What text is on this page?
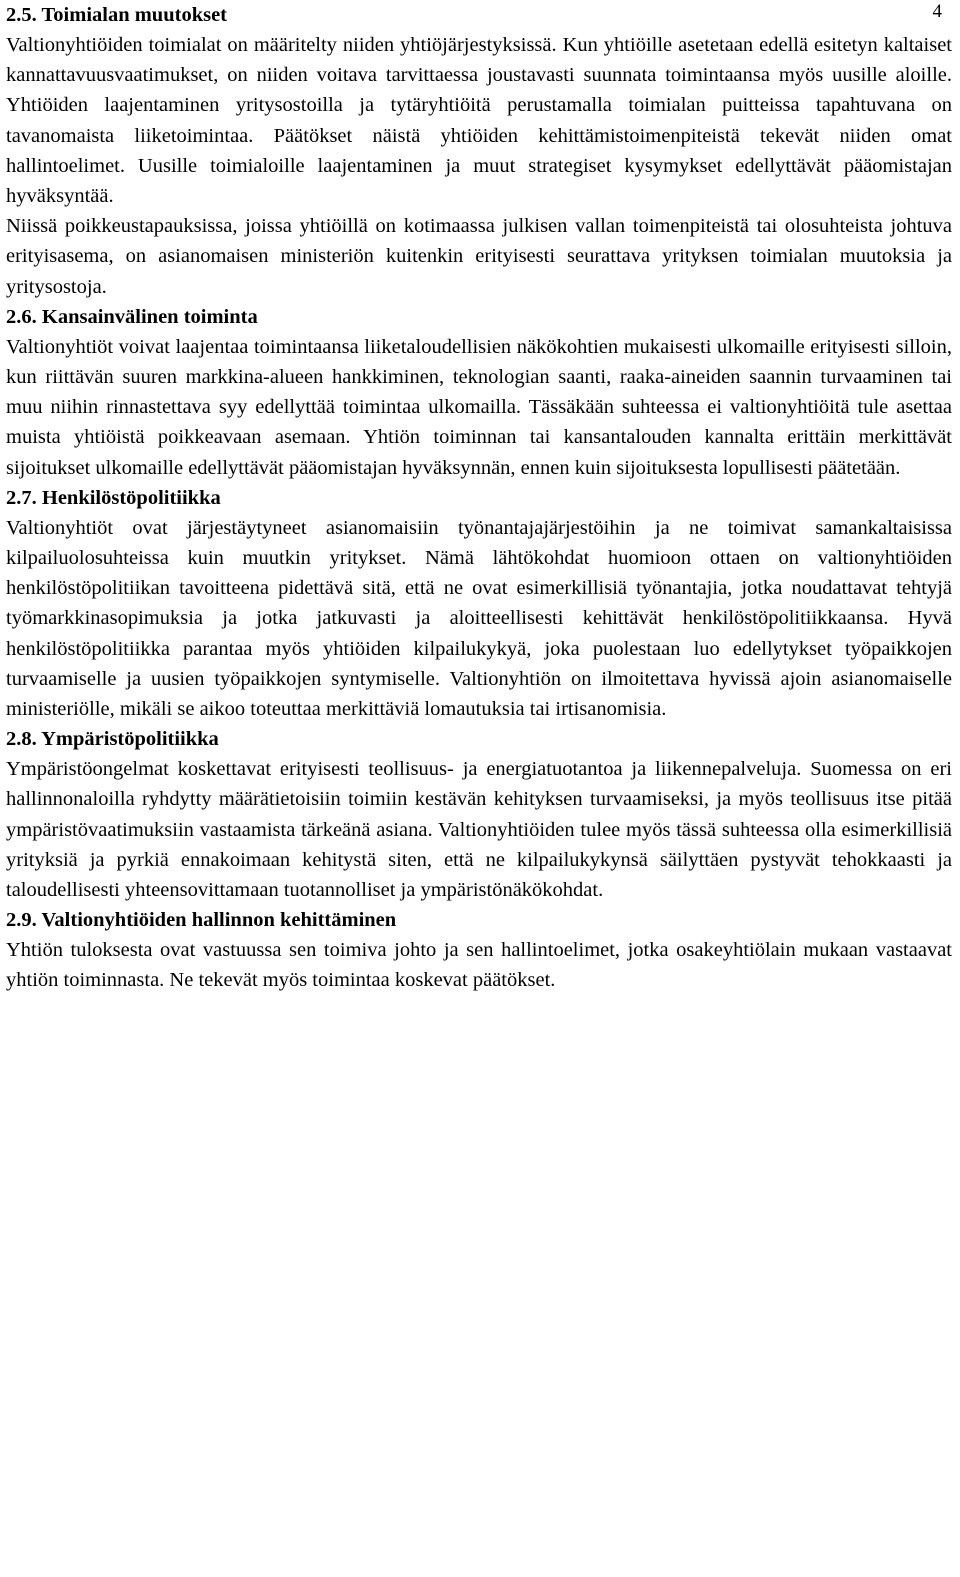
4
2.5. Toimialan muutokset

Valtionyhtiöiden toimialat on määritelty niiden yhtiöjärjestyksissä. Kun yhtiöille asetetaan edellä esitetyn kaltaiset kannattavuusvaatimukset, on niiden voitava tarvittaessa joustavasti suunnata toimintaansa myös uusille aloille. Yhtiöiden laajentaminen yritysostoilla ja tytäryhtiöitä perustamalla toimialan puitteissa tapahtuvana on tavanomaista liiketoimintaa. Päätökset näistä yhtiöiden kehittämistoimenpiteistä tekevät niiden omat hallintoelimet. Uusille toimialoille laajentaminen ja muut strategiset kysymykset edellyttävät pääomistajan hyväksyntää.

Niissä poikkeustapauksissa, joissa yhtiöillä on kotimaassa julkisen vallan toimenpiteistä tai olosuhteista johtuva erityisasema, on asianomaisen ministeriön kuitenkin erityisesti seurattava yrityksen toimialan muutoksia ja yritysostoja.

2.6. Kansainvälinen toiminta

Valtionyhtiöt voivat laajentaa toimintaansa liiketaloudellisien näkökohtien mukaisesti ulkomaille erityisesti silloin, kun riittävän suuren markkina-alueen hankkiminen, teknologian saanti, raaka-aineiden saannin turvaaminen tai muu niihin rinnastettava syy edellyttää toimintaa ulkomailla. Tässäkään suhteessa ei valtionyhtiöitä tule asettaa muista yhtiöistä poikkeavaan asemaan. Yhtiön toiminnan tai kansantalouden kannalta erittäin merkittävät sijoitukset ulkomaille edellyttävät pääomistajan hyväksynnän, ennen kuin sijoituksesta lopullisesti päätetään.

2.7. Henkilöstöpolitiikka

Valtionyhtiöt ovat järjestäytyneet asianomaisiin työnantajajärjestöihin ja ne toimivat samankaltaisissa kilpailuolosuhteissa kuin muutkin yritykset. Nämä lähtökohdat huomioon ottaen on valtionyhtiöiden henkilöstöpolitiikan tavoitteena pidettävä sitä, että ne ovat esimerkillisiä työnantajia, jotka noudattavat tehtyjä työmarkkinasopimuksia ja jotka jatkuvasti ja aloitteellisesti kehittävät henkilöstöpolitiikkaansa. Hyvä henkilöstöpolitiikka parantaa myös yhtiöiden kilpailukykyä, joka puolestaan luo edellytykset työpaikkojen turvaamiselle ja uusien työpaikkojen syntymiselle. Valtionyhtiön on ilmoitettava hyvissä ajoin asianomaiselle ministeriölle, mikäli se aikoo toteuttaa merkittäviä lomautuksia tai irtisanomisia.

2.8. Ympäristöpolitiikka

Ympäristöongelmat koskettavat erityisesti teollisuus- ja energiatuotantoa ja liikennepalveluja. Suomessa on eri hallinnonaloilla ryhdytty määrätietoisiin toimiin kestävän kehityksen turvaamiseksi, ja myös teollisuus itse pitää ympäristövaatimuksiin vastaamista tärkeänä asiana. Valtionyhtiöiden tulee myös tässä suhteessa olla esimerkillisiä yrityksiä ja pyrkiä ennakoimaan kehitystä siten, että ne kilpailukykynsä säilyttäen pystyvät tehokkaasti ja taloudellisesti yhteensovittamaan tuotannolliset ja ympäristönäkökohdat.

2.9. Valtionyhtiöiden hallinnon kehittäminen

Yhtiön tuloksesta ovat vastuussa sen toimiva johto ja sen hallintoelimet, jotka osakeyhtiölain mukaan vastaavat yhtiön toiminnasta. Ne tekevät myös toimintaa koskevat päätökset.
